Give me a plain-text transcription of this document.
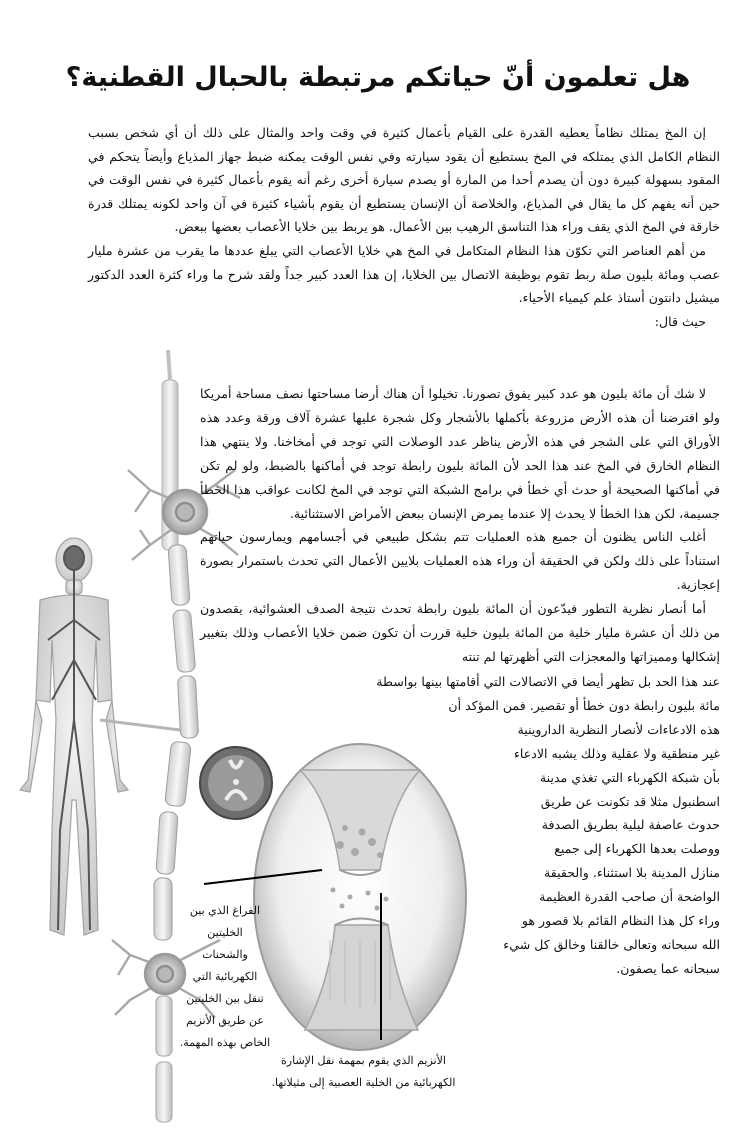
هل تعلمون أنّ حياتكم مرتبطة بالحبال القطنية؟

إن المخ يمتلك نظاماً يعطيه القدرة على القيام بأعمال كثيرة في وقت واحد والمثال على ذلك أن أي شخص بسبب النظام الكامل الذي يمتلكه في المخ يستطيع أن يقود سيارته وفي نفس الوقت يمكنه ضبط جهاز المذياع وأيضاً يتحكم في المقود بسهولة كبيرة دون أن يصدم أحدا من المارة أو يصدم سيارة أخرى رغم أنه يقوم بأعمال كثيرة في نفس الوقت في حين أنه يفهم كل ما يقال في المذياع، والخلاصة أن الإنسان يستطيع أن يقوم بأشياء كثيرة في آن واحد لكونه يمتلك قدرة خارقة في المخ الذي يقف وراء هذا التناسق الرهيب بين الأعمال. هو يربط بين خلايا الأعصاب بعضها ببعض.

من أهم العناصر التي تكوّن هذا النظام المتكامل في المخ هي خلايا الأعصاب التي يبلغ عددها ما يقرب من عشرة مليار عصب ومائة بليون صلة ربط تقوم بوظيفة الاتصال بين الخلايا، إن هذا العدد كبير جداً ولقد شرح ما وراء كثرة العدد الدكتور ميشيل دانتون أستاذ علم كيمياء الأحياء.

حيث قال:

لا شك أن مائة بليون هو عدد كبير يفوق تصورنا. تخيلوا أن هناك أرضا مساحتها نصف مساحة أمريكا ولو افترضنا أن هذه الأرض مزروعة بأكملها بالأشجار وكل شجرة عليها عشرة آلاف ورقة وعدد هذه الأوراق التي على الشجر في هذه الأرض يناظر عدد الوصلات التي توجد في أمخاخنا. ولا ينتهي هذا النظام الخارق في المخ عند هذا الحد لأن المائة بليون رابطة توجد في أماكنها بالضبط، ولو لم تكن في أماكنها الصحيحة أو حدث أي خطأ في برامج الشبكة التي توجد في المخ لكانت عواقب هذا الخطأ جسيمة، لكن هذا الخطأ لا يحدث إلا عندما يمرض الإنسان ببعض الأمراض الاستثنائية.

أغلب الناس يظنون أن جميع هذه العمليات تتم بشكل طبيعي في أجسامهم ويمارسون حياتهم استناداً على ذلك ولكن في الحقيقة أن وراء هذه العمليات بلايين الأعمال التي تحدث باستمرار بصورة إعجازية.

أما أنصار نظرية التطور فيدّعون أن المائة بليون رابطة تحدث نتيجة الصدف العشوائية، يقصدون من ذلك أن عشرة مليار خلية من المائة بليون خلية قررت أن تكون ضمن خلايا الأعصاب وذلك بتغيير إشكالها ومميزاتها والمعجزات التي أظهرتها لم تنته

عند هذا الحد بل تظهر أيضا في الاتصالات التي أقامتها بينها بواسطة
مائة بليون رابطة دون خطأ أو تقصير. فمن المؤكد أن
هذه الادعاءات لأنصار النظرية الداروينية
غير منطقية ولا عقلية وذلك يشبه الادعاء
بأن شبكة الكهرباء التي تغذي مدينة
اسطنبول مثلا قد تكونت عن طريق
حدوث عاصفة ليلية بطريق الصدفة
ووصلت بعدها الكهرباء إلى جميع
منازل المدينة بلا استثناء. والحقيقة
الواضحة أن صاحب القدرة العظيمة
وراء كل هذا النظام القائم بلا قصور هو
الله سبحانه وتعالى خالقنا وخالق كل شيء
سبحانه عما يصفون.
الفراغ الذي بين
الخليتين
والشحنات
الكهربائية التي
تنقل بين الخليتين
عن طريق الأنزيم
الخاص بهذه المهمة.
الأنزيم الذي يقوم بمهمة نقل الإشارة
الكهربائية من الخلية العصبية إلى مثيلاتها.
